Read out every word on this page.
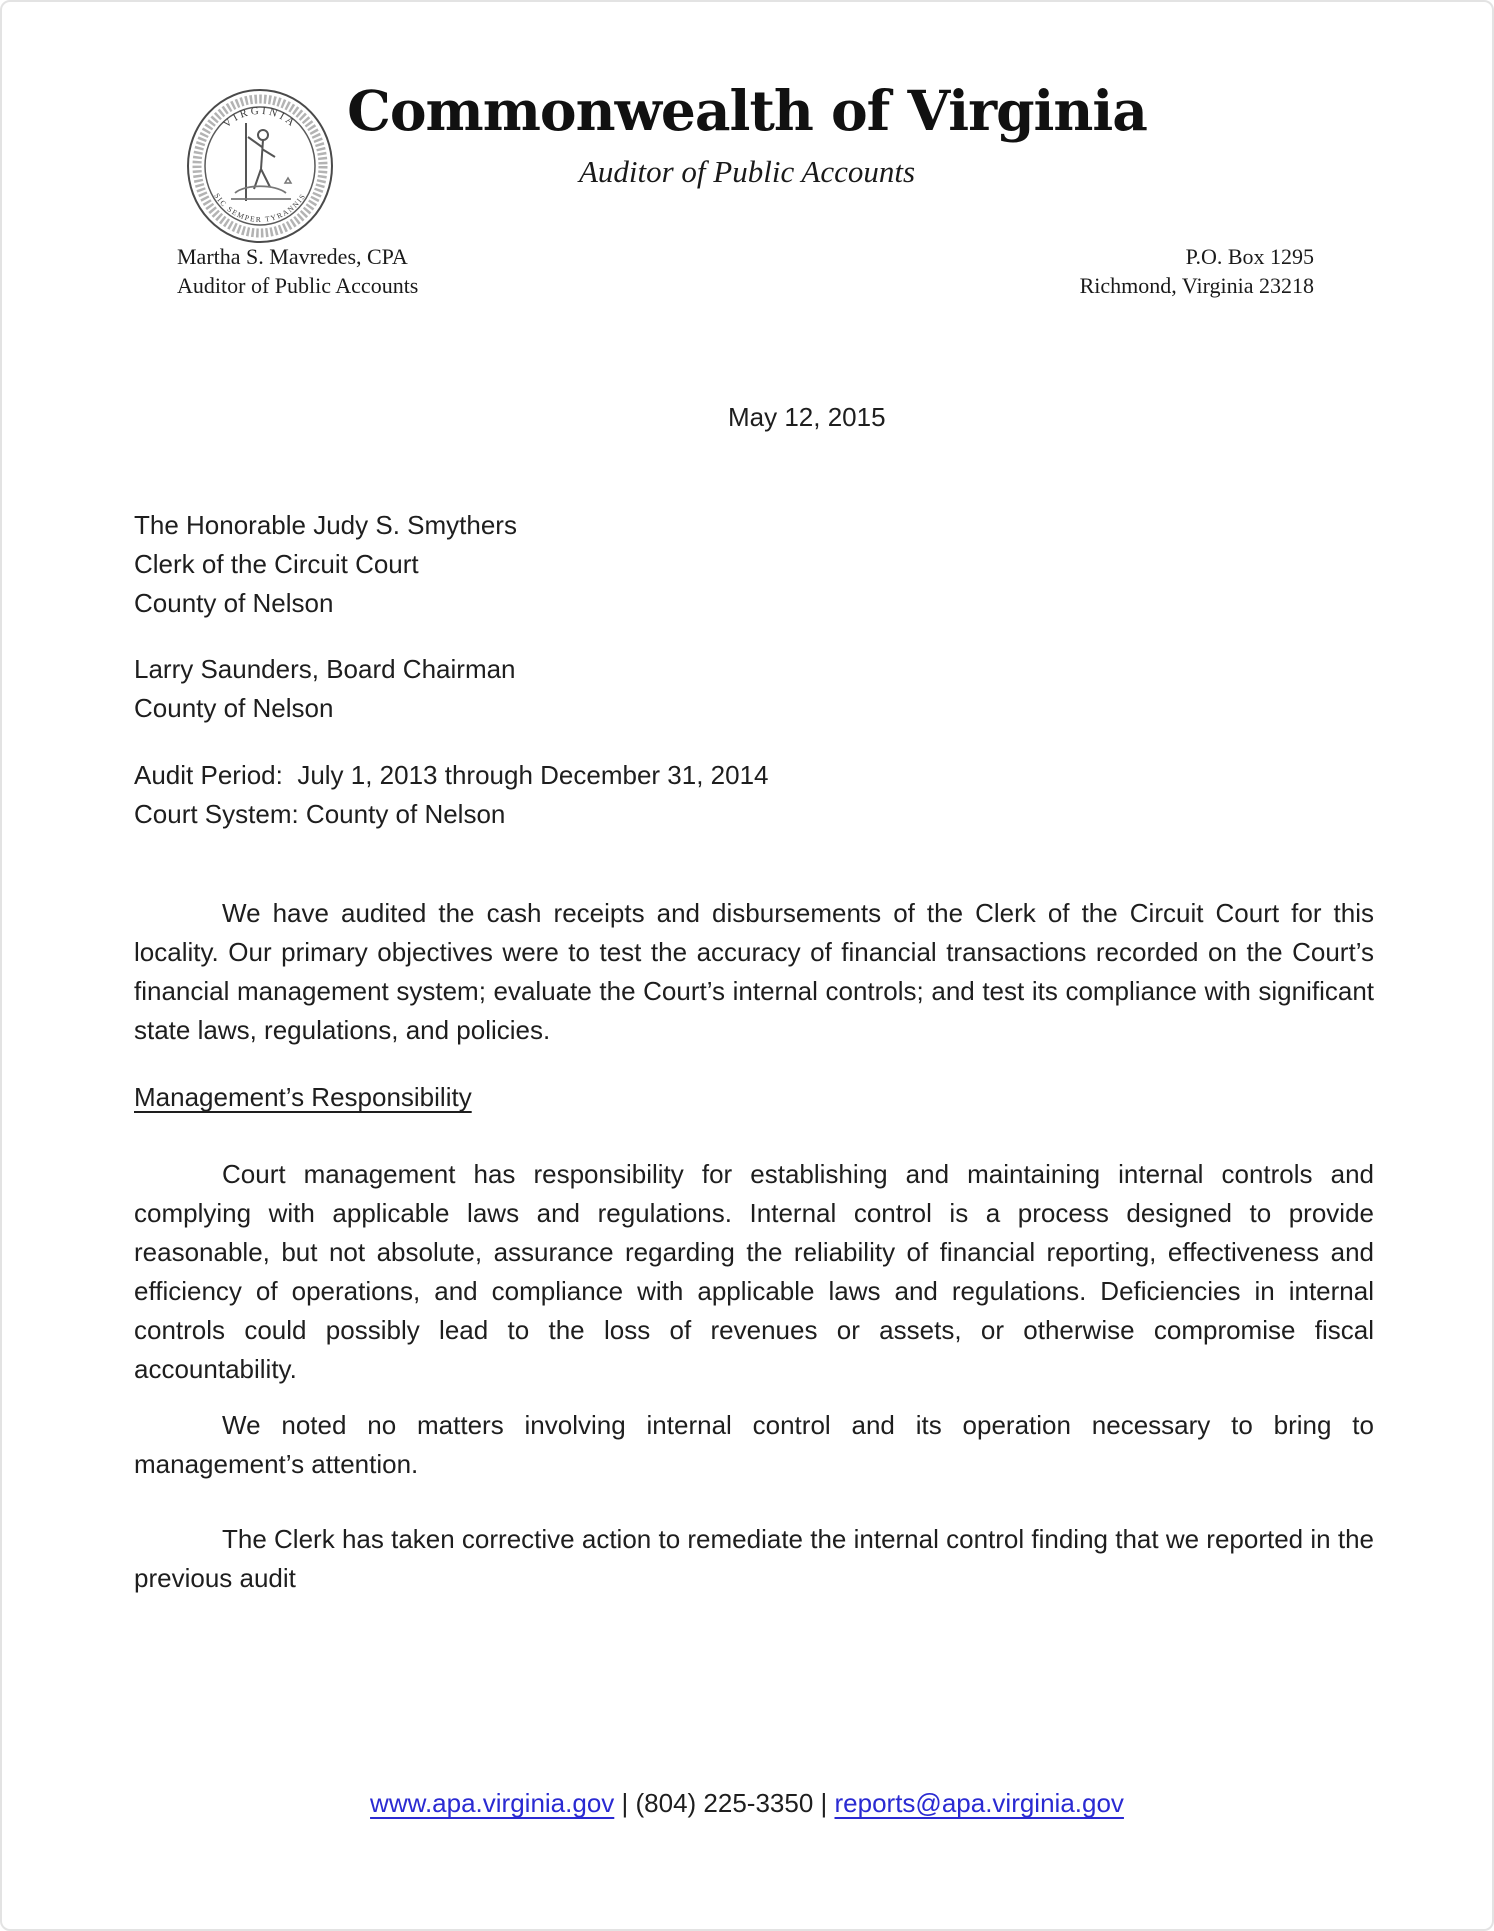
VIRGINIA
SIC SEMPER TYRANNIS
Commonwealth of Virginia
Auditor of Public Accounts
Martha S. Mavredes, CPA
Auditor of Public Accounts
P.O. Box 1295
Richmond, Virginia 23218
May 12, 2015
The Honorable Judy S. Smythers
Clerk of the Circuit Court
County of Nelson
Larry Saunders, Board Chairman
County of Nelson
Audit Period:  July 1, 2013 through December 31, 2014
Court System: County of Nelson

We have audited the cash receipts and disbursements of the Clerk of the Circuit Court for this locality. Our primary objectives were to test the accuracy of financial transactions recorded on the Court’s financial management system; evaluate the Court’s internal controls; and test its compliance with significant state laws, regulations, and policies.

Management’s Responsibility

Court management has responsibility for establishing and maintaining internal controls and complying with applicable laws and regulations. Internal control is a process designed to provide reasonable, but not absolute, assurance regarding the reliability of financial reporting, effectiveness and efficiency of operations, and compliance with applicable laws and regulations. Deficiencies in internal controls could possibly lead to the loss of revenues or assets, or otherwise compromise fiscal accountability.

We noted no matters involving internal control and its operation necessary to bring to management’s attention.

The Clerk has taken corrective action to remediate the internal control finding that we reported in the previous audit

www.apa.virginia.gov | (804) 225-3350 | reports@apa.virginia.gov
